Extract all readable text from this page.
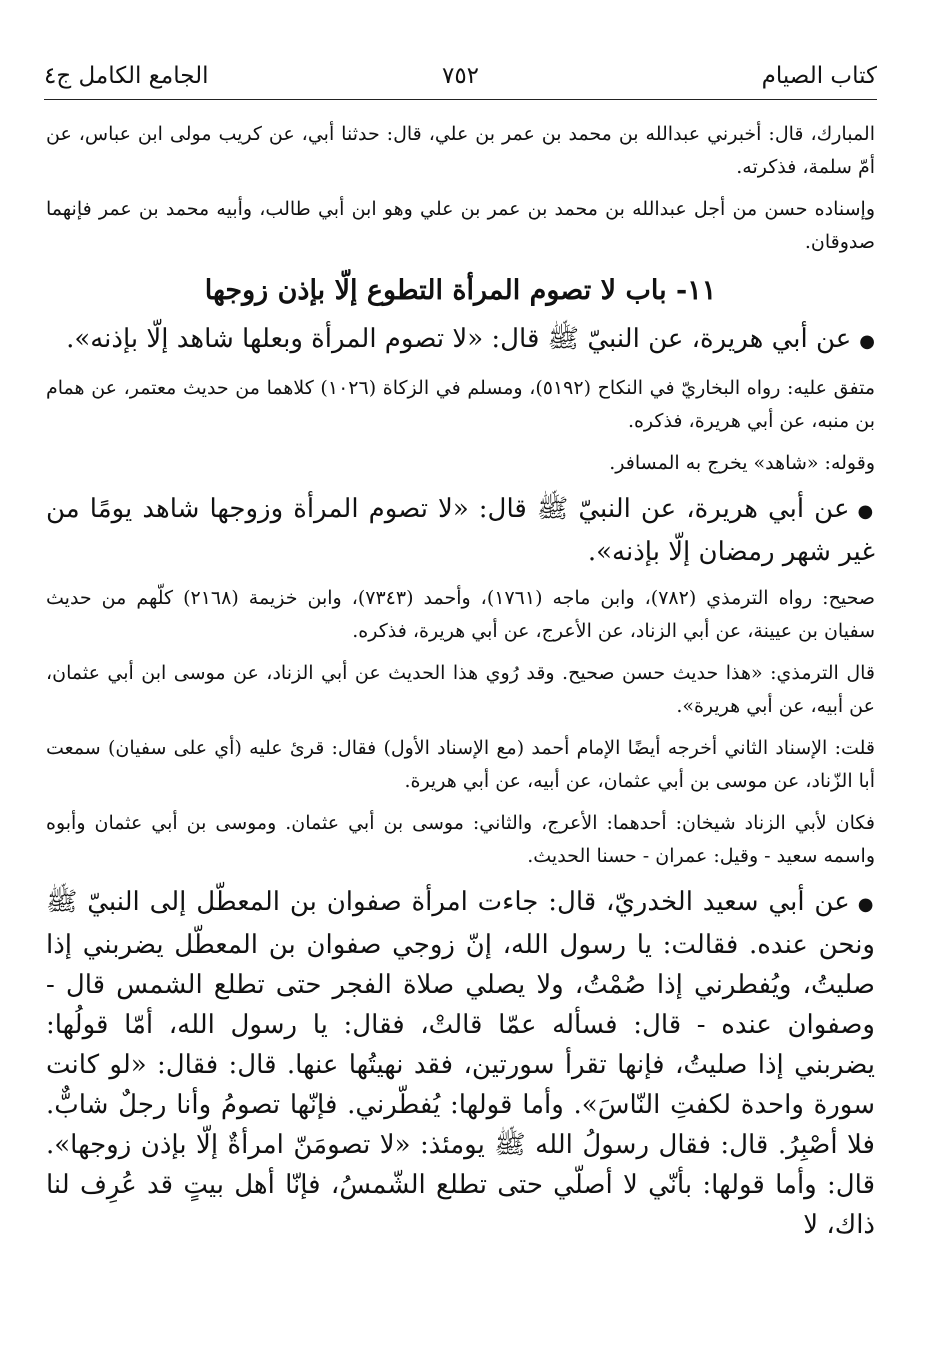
كتاب الصيام
٧٥٢
الجامع الكامل ج٤

المبارك، قال: أخبرني عبدالله بن محمد بن عمر بن علي، قال: حدثنا أبي، عن كريب مولى ابن عباس، عن أمّ سلمة، فذكرته.

وإسناده حسن من أجل عبدالله بن محمد بن عمر بن علي وهو ابن أبي طالب، وأبيه محمد بن عمر فإنهما صدوقان.

١١- باب لا تصوم المرأة التطوع إلّا بإذن زوجها

●عن أبي هريرة، عن النبيّ ﷺ قال: «لا تصوم المرأة وبعلها شاهد إلّا بإذنه».

متفق عليه: رواه البخاريّ في النكاح (٥١٩٢)، ومسلم في الزكاة (١٠٢٦) كلاهما من حديث معتمر، عن همام بن منبه، عن أبي هريرة، فذكره.

وقوله: «شاهد» يخرج به المسافر.

●عن أبي هريرة، عن النبيّ ﷺ قال: «لا تصوم المرأة وزوجها شاهد يومًا من غير شهر رمضان إلّا بإذنه».

صحيح: رواه الترمذي (٧٨٢)، وابن ماجه (١٧٦١)، وأحمد (٧٣٤٣)، وابن خزيمة (٢١٦٨) كلّهم من حديث سفيان بن عيينة، عن أبي الزناد، عن الأعرج، عن أبي هريرة، فذكره.

قال الترمذي: «هذا حديث حسن صحيح. وقد رُوي هذا الحديث عن أبي الزناد، عن موسى ابن أبي عثمان، عن أبيه، عن أبي هريرة».

قلت: الإسناد الثاني أخرجه أيضًا الإمام أحمد (مع الإسناد الأول) فقال: قرئ عليه (أي على سفيان) سمعت أبا الزّناد، عن موسى بن أبي عثمان، عن أبيه، عن أبي هريرة.

فكان لأبي الزناد شيخان: أحدهما: الأعرج، والثاني: موسى بن أبي عثمان. وموسى بن أبي عثمان وأبوه واسمه سعيد - وقيل: عمران - حسنا الحديث.

●عن أبي سعيد الخدريّ، قال: جاءت امرأة صفوان بن المعطّل إلى النبيّ ﷺ ونحن عنده. فقالت: يا رسول الله، إنّ زوجي صفوان بن المعطّل يضربني إذا صليتُ، ويُفطرني إذا صُمْتُ، ولا يصلي صلاة الفجر حتى تطلع الشمس قال - وصفوان عنده - قال: فسأله عمّا قالتْ، فقال: يا رسول الله، أمّا قولُها: يضربني إذا صليتُ، فإنها تقرأ سورتين، فقد نهيتُها عنها. قال: فقال: «لو كانت سورة واحدة لكفتِ النّاسَ». وأما قولها: يُفطّرني. فإنّها تصومُ وأنا رجلٌ شابٌّ. فلا أصْبِرُ. قال: فقال رسولُ الله ﷺ يومئذ: «لا تصومَنّ امرأةٌ إلّا بإذن زوجها». قال: وأما قولها: بأنّي لا أصلّي حتى تطلع الشّمسُ، فإنّا أهل بيتٍ قد عُرِف لنا ذاك، لا
